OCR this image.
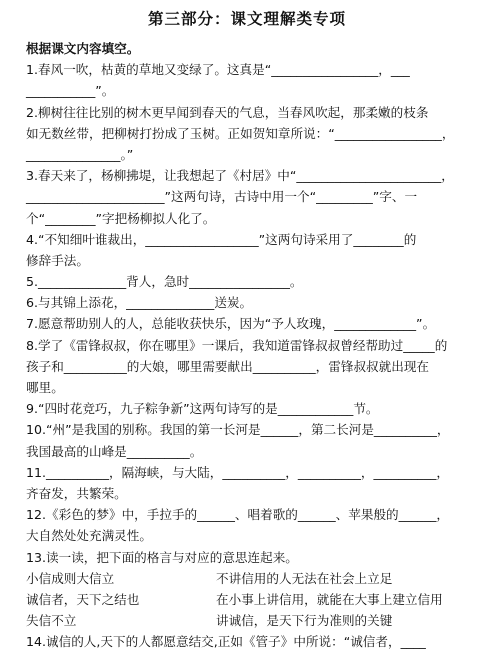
第三部分：课文理解类专项
根据课文内容填空。
1.春风一吹，枯黄的草地又变绿了。这真是“_________________，___
___________”。
2.柳树往往比别的树木更早闻到春天的气息，当春风吹起，那柔嫩的枝条
如无数丝带，把柳树打扮成了玉树。正如贺知章所说：“_________________，
_______________。”
3.春天来了，杨柳拂堤，让我想起了《村居》中“_______________________，
______________________”这两句诗，古诗中用一个“_________”字、一
个“________”字把杨柳拟人化了。
4.“不知细叶谁裁出，__________________”这两句诗采用了________的
修辞手法。
5.______________背人，急时________________。
6.与其锦上添花，______________送炭。
7.愿意帮助别人的人，总能收获快乐，因为“予人玫瑰，_____________”。
8.学了《雷锋叔叔，你在哪里》一课后，我知道雷锋叔叔曾经帮助过_____的
孩子和__________的大娘，哪里需要献出__________，雷锋叔叔就出现在
哪里。
9.“四时花竞巧，九子粽争新”这两句诗写的是____________节。
10.“州”是我国的别称。我国的第一长河是______，第二长河是__________，
我国最高的山峰是__________。
11.__________，隔海峡，与大陆，__________，__________，__________，
齐奋发，共繁荣。
12.《彩色的梦》中，手拉手的______、唱着歌的______、苹果般的______，
大自然处处充满灵性。
13.读一读，把下面的格言与对应的意思连起来。
小信成则大信立	不讲信用的人无法在社会上立足
诚信者，天下之结也	在小事上讲信用，就能在大事上建立信用
失信不立	讲诚信，是天下行为准则的关键
14.诚信的人,天下的人都愿意结交,正如《管子》中所说：“诚信者，____
